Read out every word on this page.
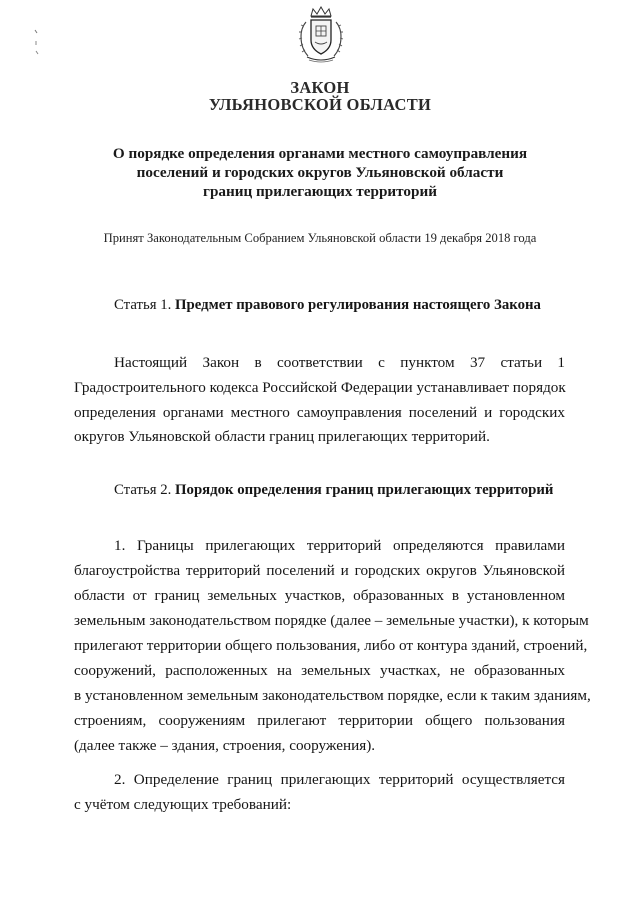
ЗАКОН
УЛЬЯНОВСКОЙ ОБЛАСТИ
О порядке определения органами местного самоуправления
поселений и городских округов Ульяновской области
границ прилегающих территорий
Принят Законодательным Собранием Ульяновской области 19 декабря 2018 года
Статья 1. Предмет правового регулирования настоящего Закона
Настоящий Закон в соответствии с пунктом 37 статьи 1
Градостроительного кодекса Российской Федерации устанавливает порядок
определения органами местного самоуправления поселений и городских
округов Ульяновской области границ прилегающих территорий.
Статья 2. Порядок определения границ прилегающих территорий
1. Границы прилегающих территорий определяются правилами
благоустройства территорий поселений и городских округов Ульяновской
области от границ земельных участков, образованных в установленном
земельным законодательством порядке (далее – земельные участки), к которым
прилегают территории общего пользования, либо от контура зданий, строений,
сооружений, расположенных на земельных участках, не образованных
в установленном земельным законодательством порядке, если к таким зданиям,
строениям, сооружениям прилегают территории общего пользования
(далее также – здания, строения, сооружения).
2. Определение границ прилегающих территорий осуществляется
с учётом следующих требований:
